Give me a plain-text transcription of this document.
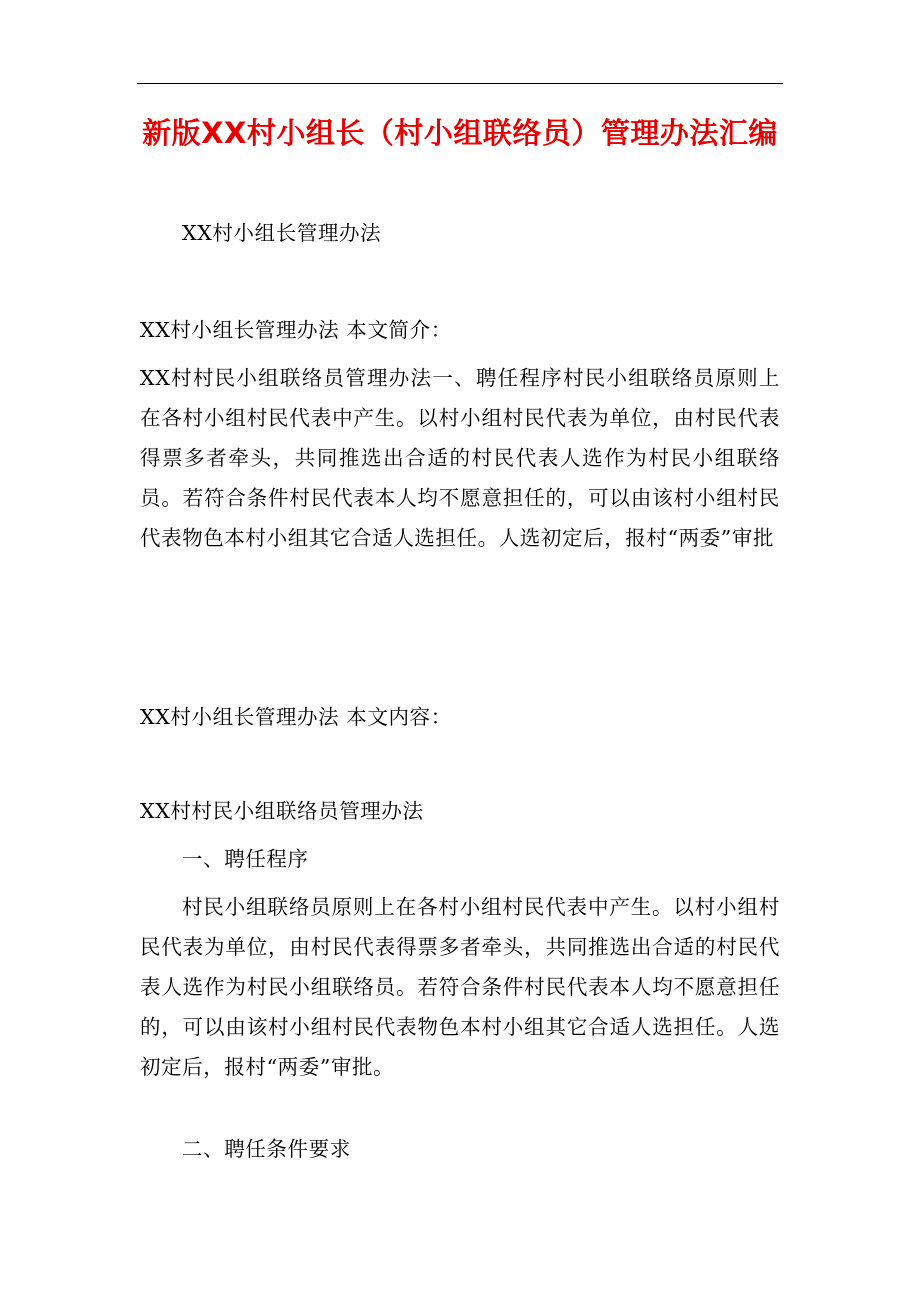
新版XX村小组长（村小组联络员）管理办法汇编

XX村小组长管理办法

XX村小组长管理办法 本文简介：

XX村村民小组联络员管理办法一、聘任程序村民小组联络员原则上在各村小组村民代表中产生。以村小组村民代表为单位，由村民代表得票多者牵头，共同推选出合适的村民代表人选作为村民小组联络员。若符合条件村民代表本人均不愿意担任的，可以由该村小组村民代表物色本村小组其它合适人选担任。人选初定后，报村“两委”审批

XX村小组长管理办法 本文内容：

XX村村民小组联络员管理办法

一、聘任程序

村民小组联络员原则上在各村小组村民代表中产生。以村小组村民代表为单位，由村民代表得票多者牵头，共同推选出合适的村民代表人选作为村民小组联络员。若符合条件村民代表本人均不愿意担任的，可以由该村小组村民代表物色本村小组其它合适人选担任。人选初定后，报村“两委”审批。

二、聘任条件要求
